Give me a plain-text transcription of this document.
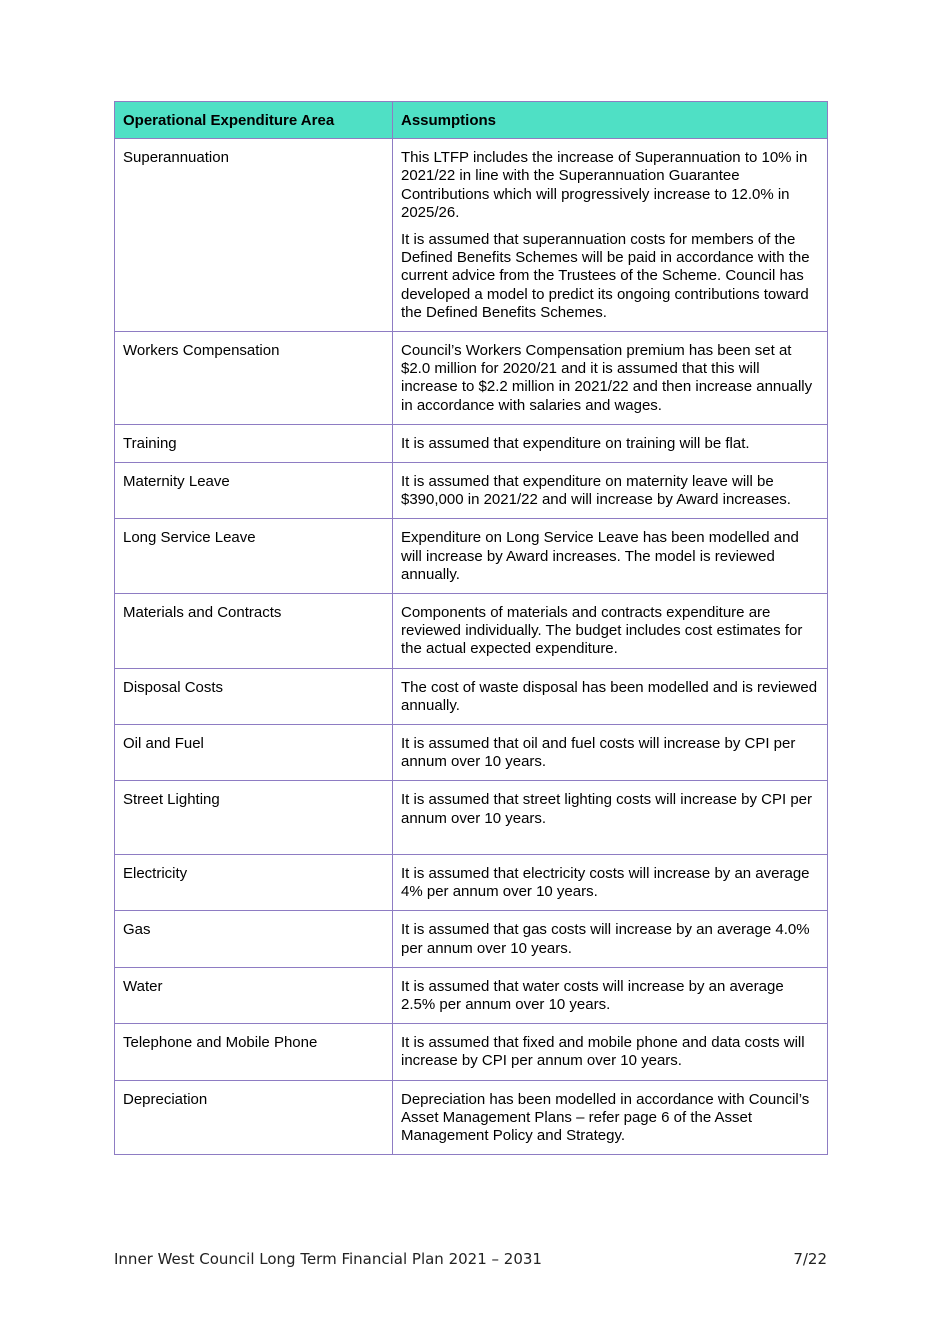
Operational Expenditure Area	Assumptions
Superannuation	This LTFP includes the increase of Superannuation to 10% in 2021/22 in line with the Superannuation Guarantee Contributions which will progressively increase to 12.0% in 2025/26.

It is assumed that superannuation costs for members of the Defined Benefits Schemes will be paid in accordance with the current advice from the Trustees of the Scheme. Council has developed a model to predict its ongoing contributions toward the Defined Benefits Schemes.

Workers Compensation	Council’s Workers Compensation premium has been set at $2.0 million for 2020/21 and it is assumed that this will increase to $2.2 million in 2021/22 and then increase annually in accordance with salaries and wages.

Training	It is assumed that expenditure on training will be flat.

Maternity Leave	It is assumed that expenditure on maternity leave will be $390,000 in 2021/22 and will increase by Award increases.

Long Service Leave	Expenditure on Long Service Leave has been modelled and will increase by Award increases. The model is reviewed annually.

Materials and Contracts	Components of materials and contracts expenditure are reviewed individually. The budget includes cost estimates for the actual expected expenditure.

Disposal Costs	The cost of waste disposal has been modelled and is reviewed annually.

Oil and Fuel	It is assumed that oil and fuel costs will increase by CPI per annum over 10 years.

Street Lighting	It is assumed that street lighting costs will increase by CPI per annum over 10 years.

Electricity	It is assumed that electricity costs will increase by an average 4% per annum over 10 years.

Gas	It is assumed that gas costs will increase by an average 4.0% per annum over 10 years.

Water	It is assumed that water costs will increase by an average 2.5% per annum over 10 years.

Telephone and Mobile Phone	It is assumed that fixed and mobile phone and data costs will increase by CPI per annum over 10 years.

Depreciation	Depreciation has been modelled in accordance with Council’s Asset Management Plans – refer page 6 of the Asset Management Policy and Strategy.

Inner West Council Long Term Financial Plan 2021 – 2031	7/22
